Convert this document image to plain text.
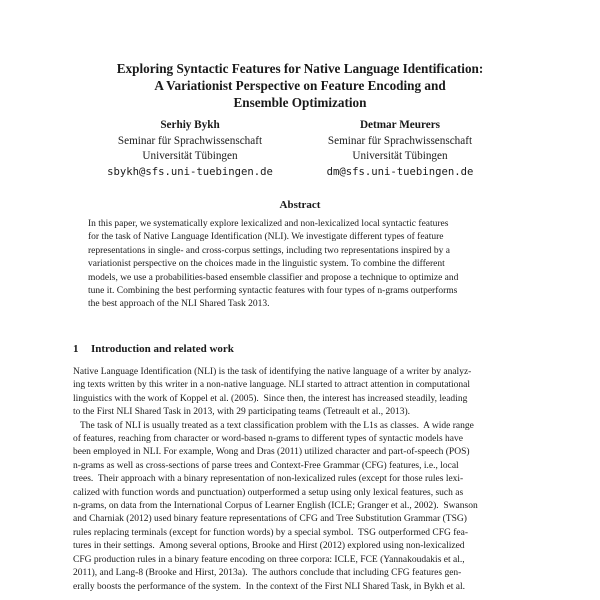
Exploring Syntactic Features for Native Language Identification:
A Variationist Perspective on Feature Encoding and
Ensemble Optimization
Serhiy Bykh
Seminar für Sprachwissenschaft
Universität Tübingen
sbykh@sfs.uni-tuebingen.de
Detmar Meurers
Seminar für Sprachwissenschaft
Universität Tübingen
dm@sfs.uni-tuebingen.de
Abstract
In this paper, we systematically explore lexicalized and non-lexicalized local syntactic features
for the task of Native Language Identification (NLI). We investigate different types of feature
representations in single- and cross-corpus settings, including two representations inspired by a
variationist perspective on the choices made in the linguistic system. To combine the different
models, we use a probabilities-based ensemble classifier and propose a technique to optimize and
tune it. Combining the best performing syntactic features with four types of n-grams outperforms
the best approach of the NLI Shared Task 2013.
1 Introduction and related work
Native Language Identification (NLI) is the task of identifying the native language of a writer by analyz-
ing texts written by this writer in a non-native language. NLI started to attract attention in computational
linguistics with the work of Koppel et al. (2005).  Since then, the interest has increased steadily, leading
to the First NLI Shared Task in 2013, with 29 participating teams (Tetreault et al., 2013).
The task of NLI is usually treated as a text classification problem with the L1s as classes.  A wide range
of features, reaching from character or word-based n-grams to different types of syntactic models have
been employed in NLI. For example, Wong and Dras (2011) utilized character and part-of-speech (POS)
n-grams as well as cross-sections of parse trees and Context-Free Grammar (CFG) features, i.e., local
trees.  Their approach with a binary representation of non-lexicalized rules (except for those rules lexi-
calized with function words and punctuation) outperformed a setup using only lexical features, such as
n-grams, on data from the International Corpus of Learner English (ICLE; Granger et al., 2002).  Swanson
and Charniak (2012) used binary feature representations of CFG and Tree Substitution Grammar (TSG)
rules replacing terminals (except for function words) by a special symbol.  TSG outperformed CFG fea-
tures in their settings.  Among several options, Brooke and Hirst (2012) explored using non-lexicalized
CFG production rules in a binary feature encoding on three corpora: ICLE, FCE (Yannakoudakis et al.,
2011), and Lang-8 (Brooke and Hirst, 2013a).  The authors conclude that including CFG features gen-
erally boosts the performance of the system.  In the context of the First NLI Shared Task, in Bykh et al.
